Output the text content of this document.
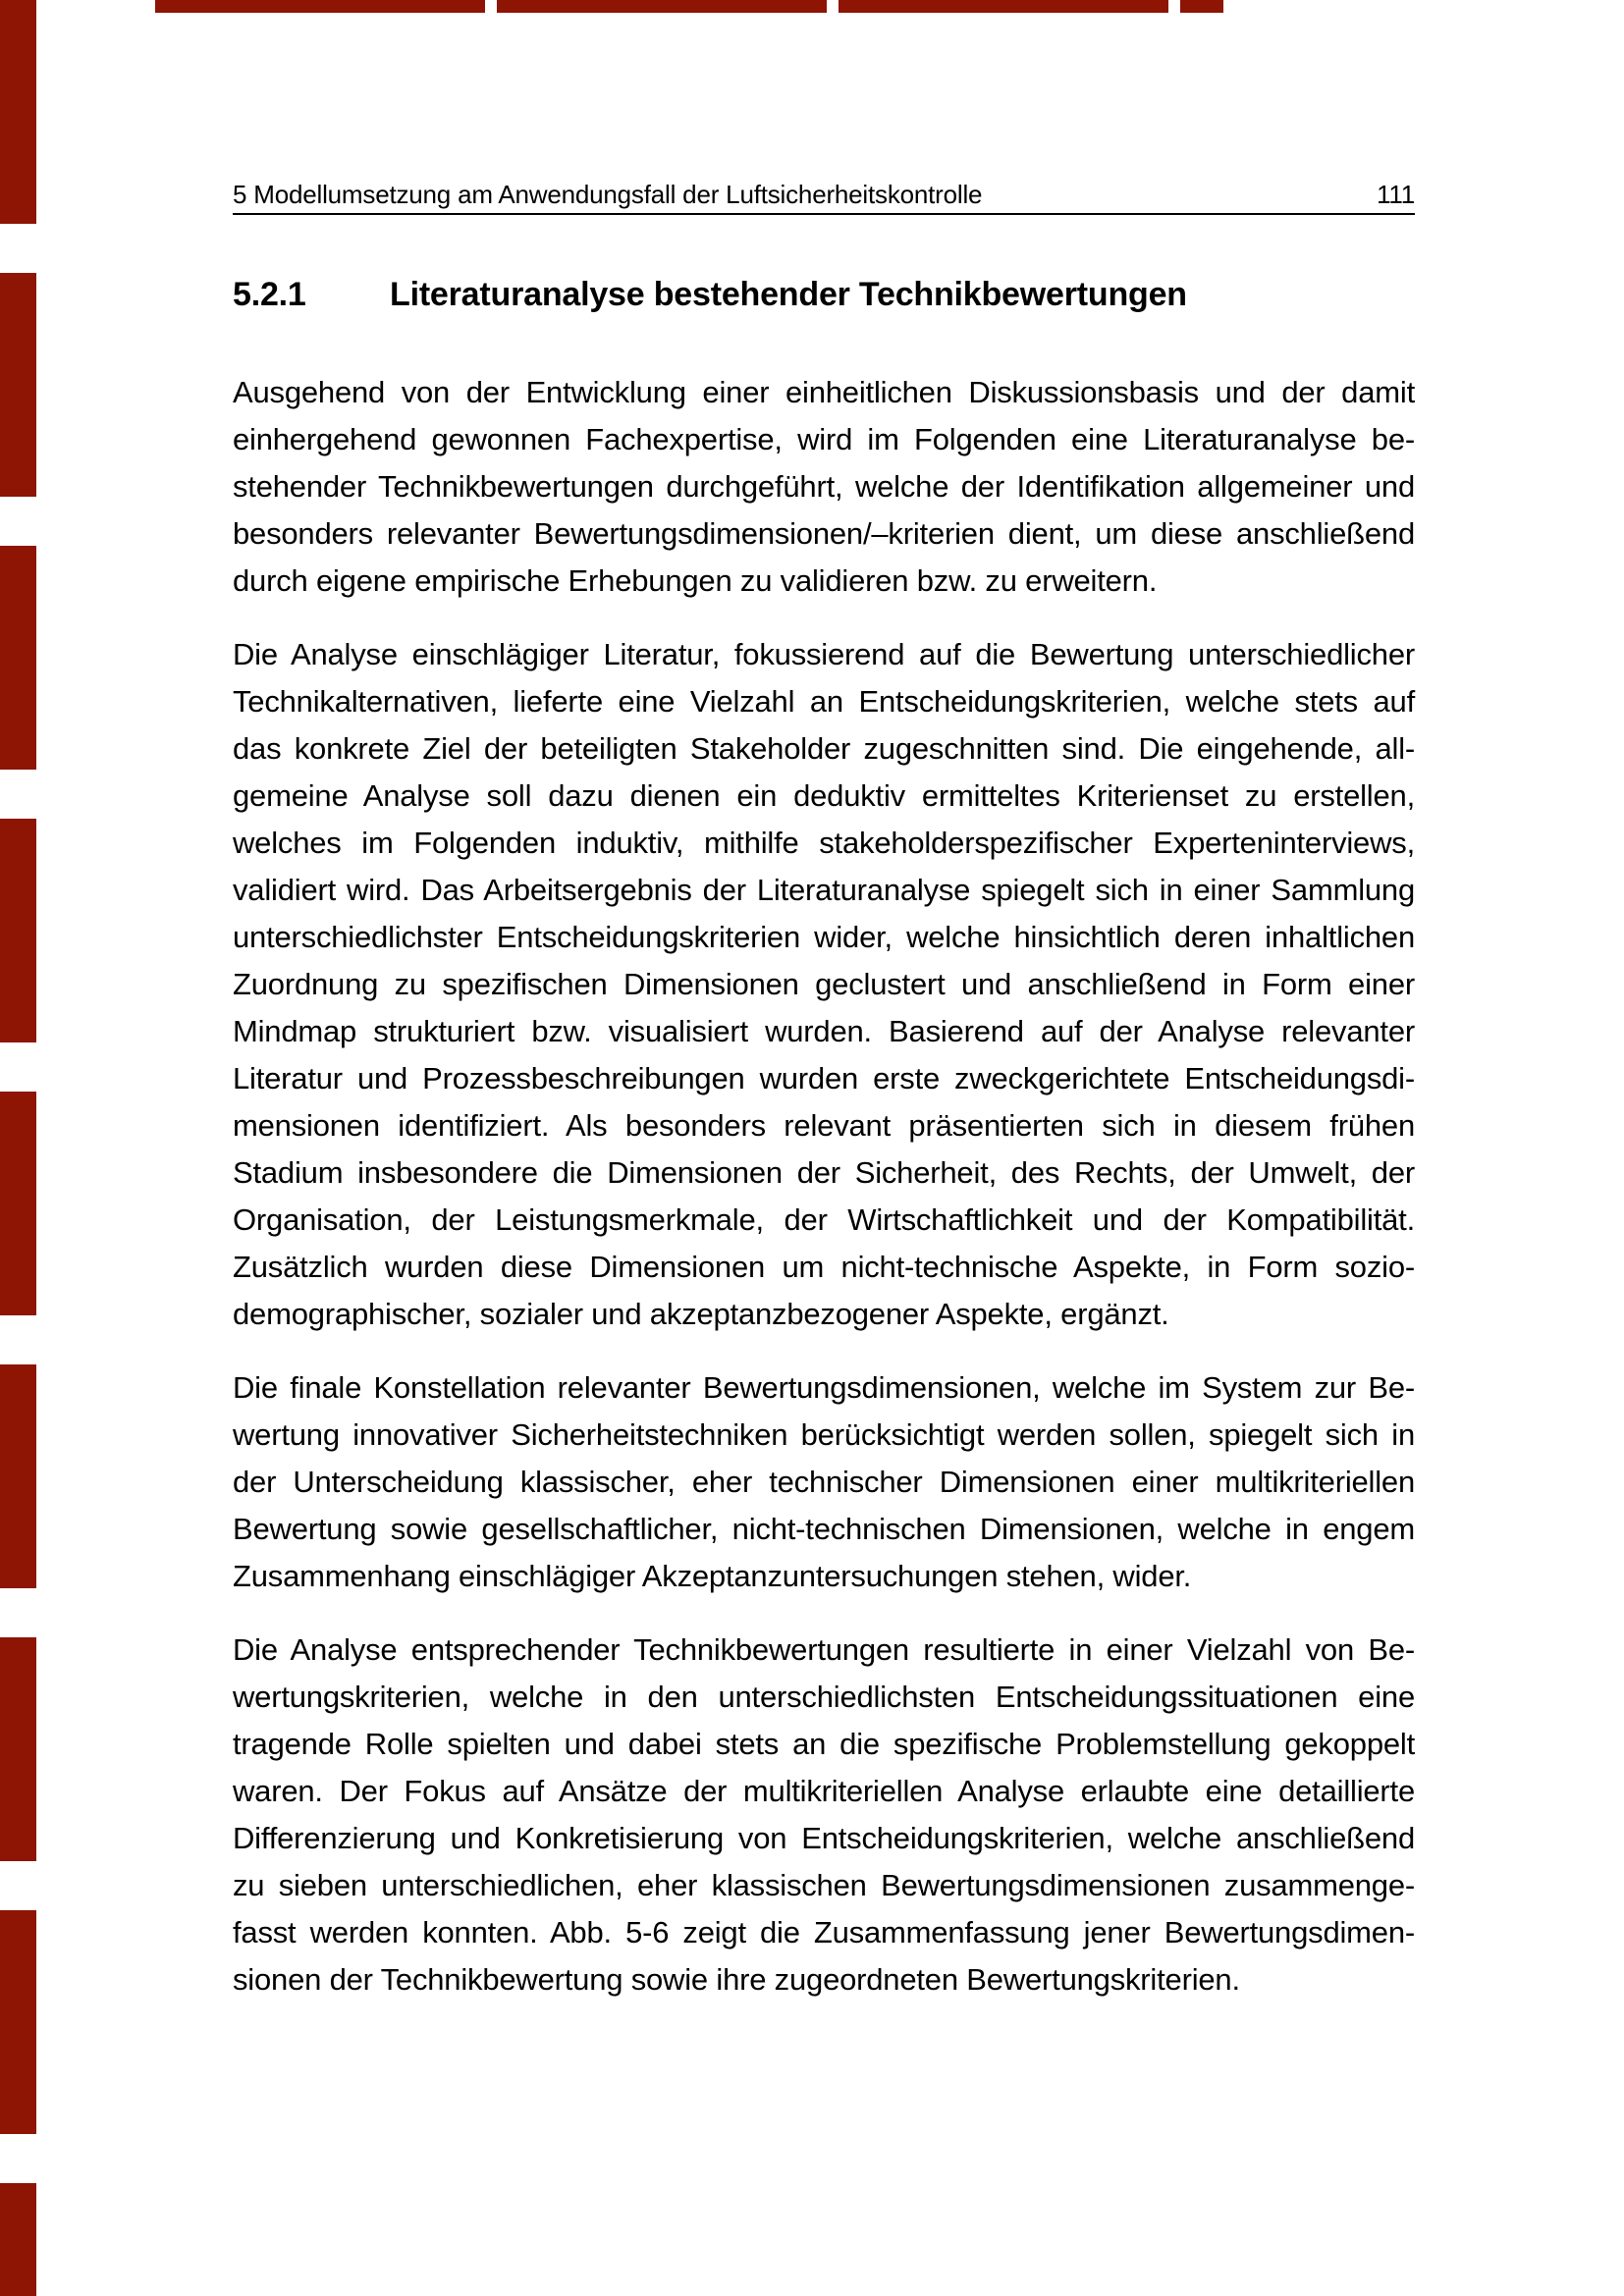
5 Modellumsetzung am Anwendungsfall der Luftsicherheitskontrolle	111
5.2.1	Literaturanalyse bestehender Technikbewertungen
Ausgehend von der Entwicklung einer einheitlichen Diskussionsbasis und der damit
einhergehend gewonnen Fachexpertise, wird im Folgenden eine Literaturanalyse be-
stehender Technikbewertungen durchgeführt, welche der Identifikation allgemeiner und
besonders relevanter Bewertungsdimensionen/–kriterien dient, um diese anschließend
durch eigene empirische Erhebungen zu validieren bzw. zu erweitern.
Die Analyse einschlägiger Literatur, fokussierend auf die Bewertung unterschiedlicher
Technikalternativen, lieferte eine Vielzahl an Entscheidungskriterien, welche stets auf
das konkrete Ziel der beteiligten Stakeholder zugeschnitten sind. Die eingehende, all-
gemeine Analyse soll dazu dienen ein deduktiv ermitteltes Kriterienset zu erstellen,
welches im Folgenden induktiv, mithilfe stakeholderspezifischer Experteninterviews,
validiert wird. Das Arbeitsergebnis der Literaturanalyse spiegelt sich in einer Sammlung
unterschiedlichster Entscheidungskriterien wider, welche hinsichtlich deren inhaltlichen
Zuordnung zu spezifischen Dimensionen geclustert und anschließend in Form einer
Mindmap strukturiert bzw. visualisiert wurden. Basierend auf der Analyse relevanter
Literatur und Prozessbeschreibungen wurden erste zweckgerichtete Entscheidungsdi-
mensionen identifiziert. Als besonders relevant präsentierten sich in diesem frühen
Stadium insbesondere die Dimensionen der Sicherheit, des Rechts, der Umwelt, der
Organisation, der Leistungsmerkmale, der Wirtschaftlichkeit und der Kompatibilität.
Zusätzlich wurden diese Dimensionen um nicht-technische Aspekte, in Form sozio-
demographischer, sozialer und akzeptanzbezogener Aspekte, ergänzt.
Die finale Konstellation relevanter Bewertungsdimensionen, welche im System zur Be-
wertung innovativer Sicherheitstechniken berücksichtigt werden sollen, spiegelt sich in
der Unterscheidung klassischer, eher technischer Dimensionen einer multikriteriellen
Bewertung sowie gesellschaftlicher, nicht-technischen Dimensionen, welche in engem
Zusammenhang einschlägiger Akzeptanzuntersuchungen stehen, wider.
Die Analyse entsprechender Technikbewertungen resultierte in einer Vielzahl von Be-
wertungskriterien, welche in den unterschiedlichsten Entscheidungssituationen eine
tragende Rolle spielten und dabei stets an die spezifische Problemstellung gekoppelt
waren. Der Fokus auf Ansätze der multikriteriellen Analyse erlaubte eine detaillierte
Differenzierung und Konkretisierung von Entscheidungskriterien, welche anschließend
zu sieben unterschiedlichen, eher klassischen Bewertungsdimensionen zusammenge-
fasst werden konnten. Abb. 5-6 zeigt die Zusammenfassung jener Bewertungsdimen-
sionen der Technikbewertung sowie ihre zugeordneten Bewertungskriterien.
